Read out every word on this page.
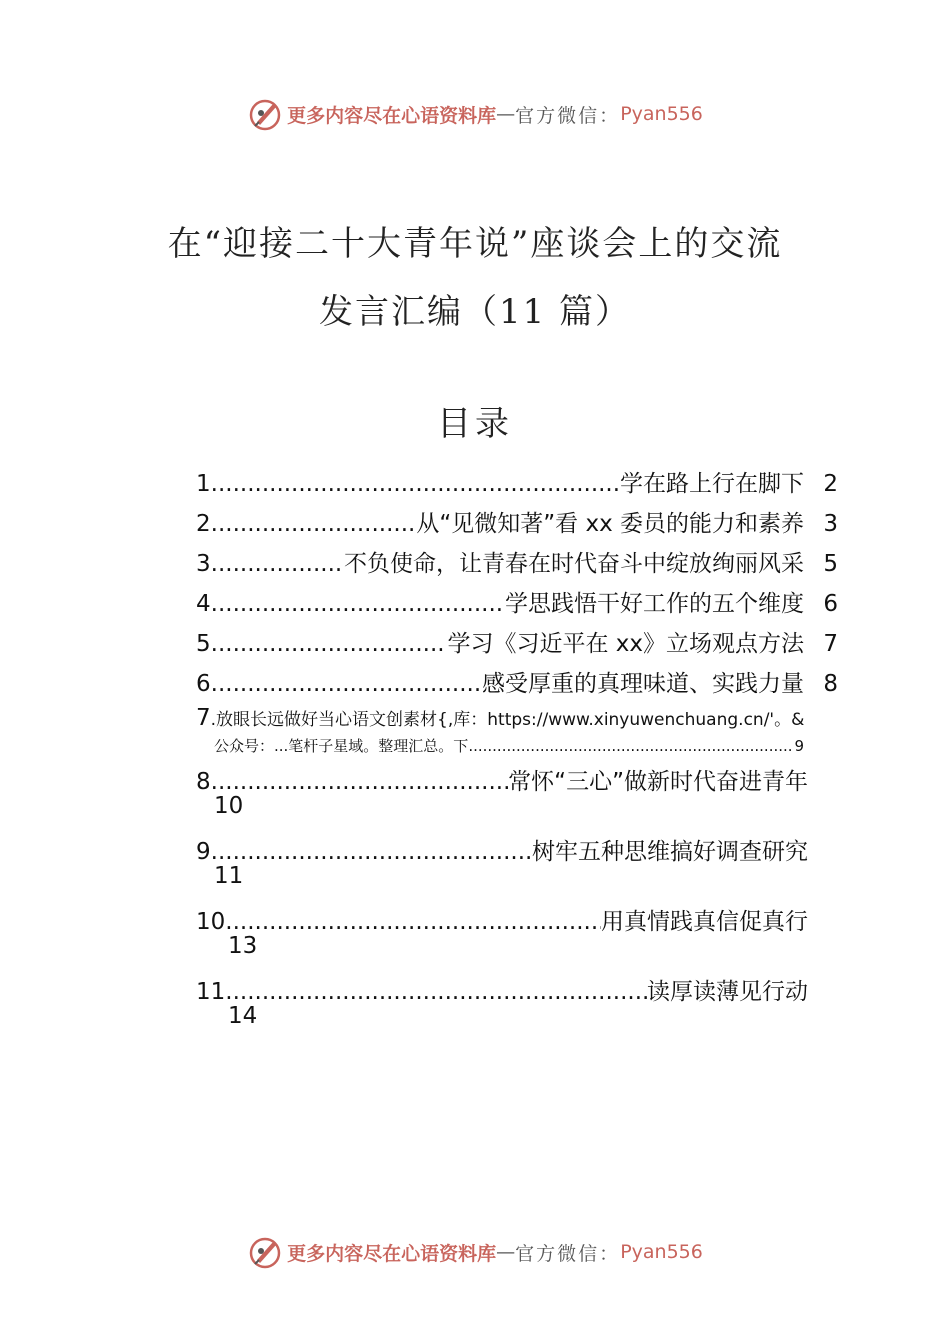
更多内容尽在心语资料库 — 官方微信： Pyan556
在“迎接二十大青年说”座谈会上的交流
发言汇编（11 篇）
目录
1 .....	学在路上行在脚下 2
2 .....	从“见微知著”看 xx 委员的能力和素养 3
3 .....	不负使命，让青春在时代奋斗中绽放绚丽风采 5
4 .....	学思践悟干好工作的五个维度 6
5 .....	学习《习近平在 xx》立场观点方法 7
6 .....	感受厚重的真理味道、实践力量 8
7 .放眼长远做好当心语文创素材{,库：https://www.xinyuwenchuang.cn/'。&
公众号：...笔杆子星域。整理汇总。下 .....	9
8 .....	常怀“三心”做新时代奋进青年
10
9 .....	树牢五种思维搞好调查研究
11
10 .....	用真情践真信促真行
13
11 .....	读厚读薄见行动
14
更多内容尽在心语资料库 — 官方微信： Pyan556
